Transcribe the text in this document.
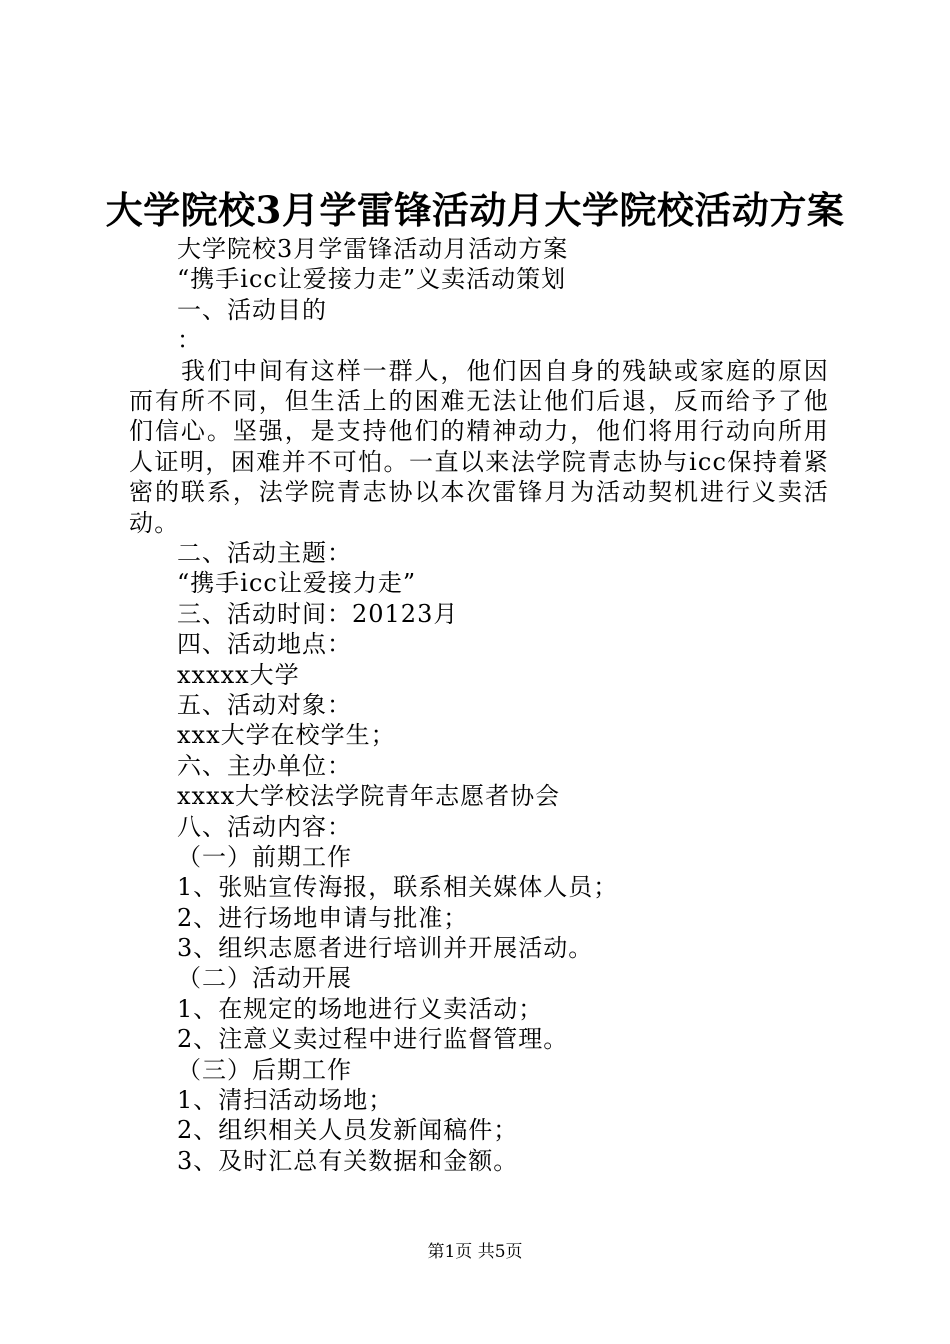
大学院校3月学雷锋活动月大学院校活动方案
大学院校3月学雷锋活动月活动方案
“携手icc让爱接力走”义卖活动策划
一、活动目的
：
我们中间有这样一群人，他们因自身的残缺或家庭的原因而有所不同，但生活上的困难无法让他们后退，反而给予了他们信心。坚强，是支持他们的精神动力，他们将用行动向所用人证明，困难并不可怕。一直以来法学院青志协与icc保持着紧密的联系，法学院青志协以本次雷锋月为活动契机进行义卖活动。
二、活动主题：
“携手icc让爱接力走”
三、活动时间：20123月
四、活动地点：
xxxxx大学
五、活动对象：
xxx大学在校学生；
六、主办单位：
xxxx大学校法学院青年志愿者协会
八、活动内容：
（一）前期工作
1、张贴宣传海报，联系相关媒体人员；
2、进行场地申请与批准；
3、组织志愿者进行培训并开展活动。
（二）活动开展
1、在规定的场地进行义卖活动；
2、注意义卖过程中进行监督管理。
（三）后期工作
1、清扫活动场地；
2、组织相关人员发新闻稿件；
3、及时汇总有关数据和金额。
第1页 共5页
